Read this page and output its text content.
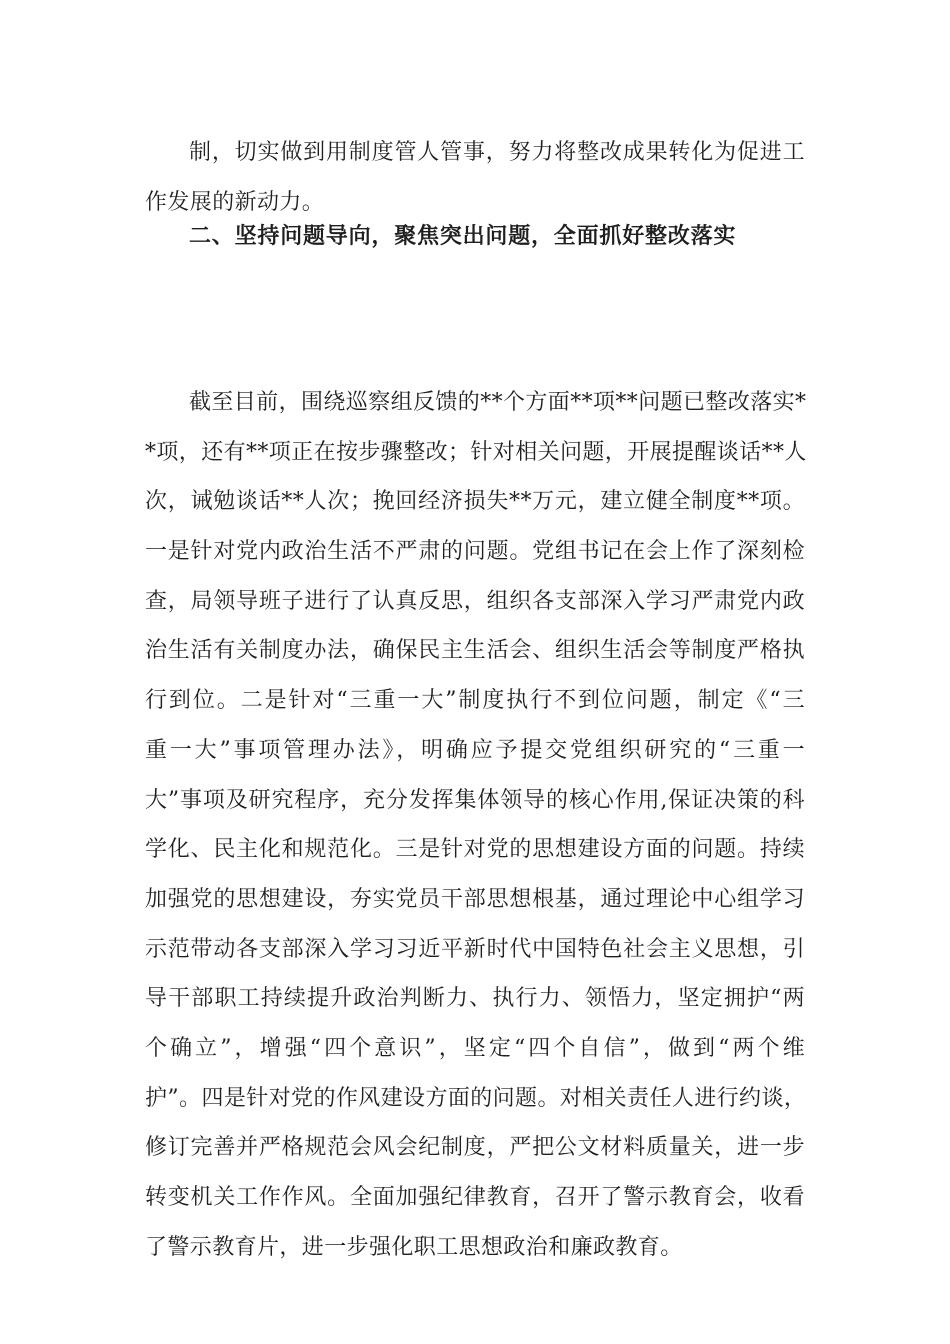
制，切实做到用制度管人管事，努力将整改成果转化为促进工
作发展的新动力。
二、坚持问题导向，聚焦突出问题，全面抓好整改落实
截至目前，围绕巡察组反馈的**个方面**项**问题已整改落实*
*项，还有**项正在按步骤整改；针对相关问题，开展提醒谈话**人
次，诫勉谈话**人次；挽回经济损失**万元，建立健全制度**项。
一是针对党内政治生活不严肃的问题。党组书记在会上作了深刻检
查，局领导班子进行了认真反思，组织各支部深入学习严肃党内政
治生活有关制度办法，确保民主生活会、组织生活会等制度严格执
行到位。二是针对“三重一大”制度执行不到位问题，制定《“三
重一大”事项管理办法》，明确应予提交党组织研究的“三重一
大”事项及研究程序，充分发挥集体领导的核心作用,保证决策的科
学化、民主化和规范化。三是针对党的思想建设方面的问题。持续
加强党的思想建设，夯实党员干部思想根基，通过理论中心组学习
示范带动各支部深入学习习近平新时代中国特色社会主义思想，引
导干部职工持续提升政治判断力、执行力、领悟力，坚定拥护“两
个确立”，增强“四个意识”，坚定“四个自信”，做到“两个维
护”。四是针对党的作风建设方面的问题。对相关责任人进行约谈，
修订完善并严格规范会风会纪制度，严把公文材料质量关，进一步
转变机关工作作风。全面加强纪律教育，召开了警示教育会，收看
了警示教育片，进一步强化职工思想政治和廉政教育。
